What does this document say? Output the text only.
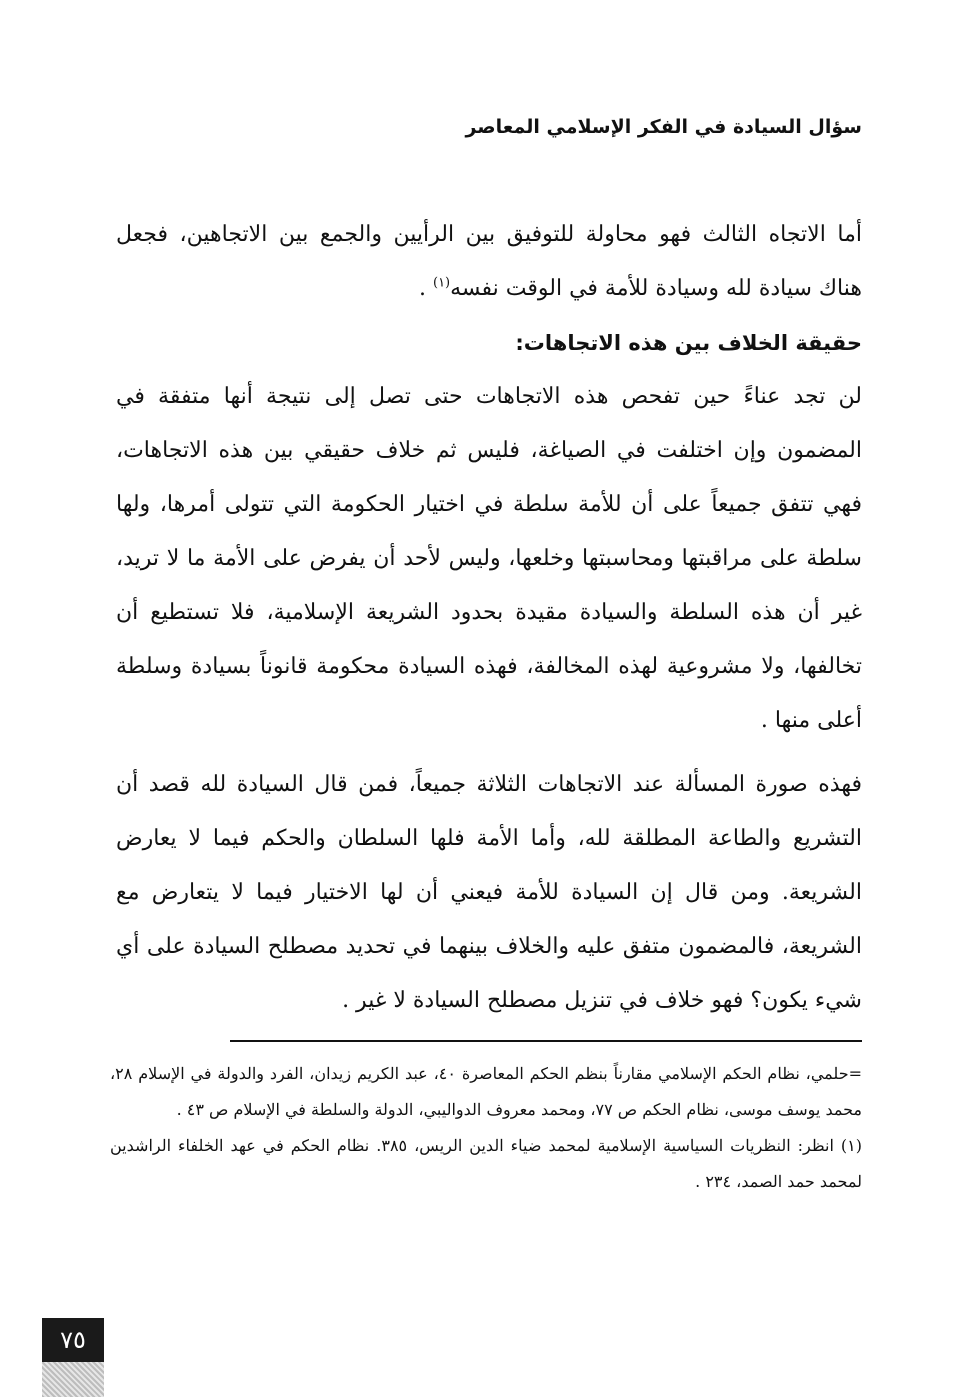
سؤال السيادة في الفكر الإسلامي المعاصر

أما الاتجاه الثالث فهو محاولة للتوفيق بين الرأيين والجمع بين الاتجاهين، فجعل هناك سيادة لله وسيادة للأمة في الوقت نفسه$^{(١)}$ .

حقيقة الخلاف بين هذه الاتجاهات:

لن تجد عناءً حين تفحص هذه الاتجاهات حتى تصل إلى نتيجة أنها متفقة في المضمون وإن اختلفت في الصياغة، فليس ثم خلاف حقيقي بين هذه الاتجاهات، فهي تتفق جميعاً على أن للأمة سلطة في اختيار الحكومة التي تتولى أمرها، ولها سلطة على مراقبتها ومحاسبتها وخلعها، وليس لأحد أن يفرض على الأمة ما لا تريد، غير أن هذه السلطة والسيادة مقيدة بحدود الشريعة الإسلامية، فلا تستطيع أن تخالفها، ولا مشروعية لهذه المخالفة، فهذه السيادة محكومة قانوناً بسيادة وسلطة أعلى منها .

فهذه صورة المسألة عند الاتجاهات الثلاثة جميعاً، فمن قال السيادة لله قصد أن التشريع والطاعة المطلقة لله، وأما الأمة فلها السلطان والحكم فيما لا يعارض الشريعة. ومن قال إن السيادة للأمة فيعني أن لها الاختيار فيما لا يتعارض مع الشريعة، فالمضمون متفق عليه والخلاف بينهما في تحديد مصطلح السيادة على أي شيء يكون؟ فهو خلاف في تنزيل مصطلح السيادة لا غير .

=حلمي، نظام الحكم الإسلامي مقارناً بنظم الحكم المعاصرة ٤٠، عبد الكريم زيدان، الفرد والدولة في الإسلام ٢٨، محمد يوسف موسى، نظام الحكم ص ٧٧، ومحمد معروف الدواليبي، الدولة والسلطة في الإسلام ص ٤٣ .

(١) انظر: النظريات السياسية الإسلامية لمحمد ضياء الدين الريس، ٣٨٥. نظام الحكم في عهد الخلفاء الراشدين لمحمد حمد الصمد، ٢٣٤ .

٧٥
